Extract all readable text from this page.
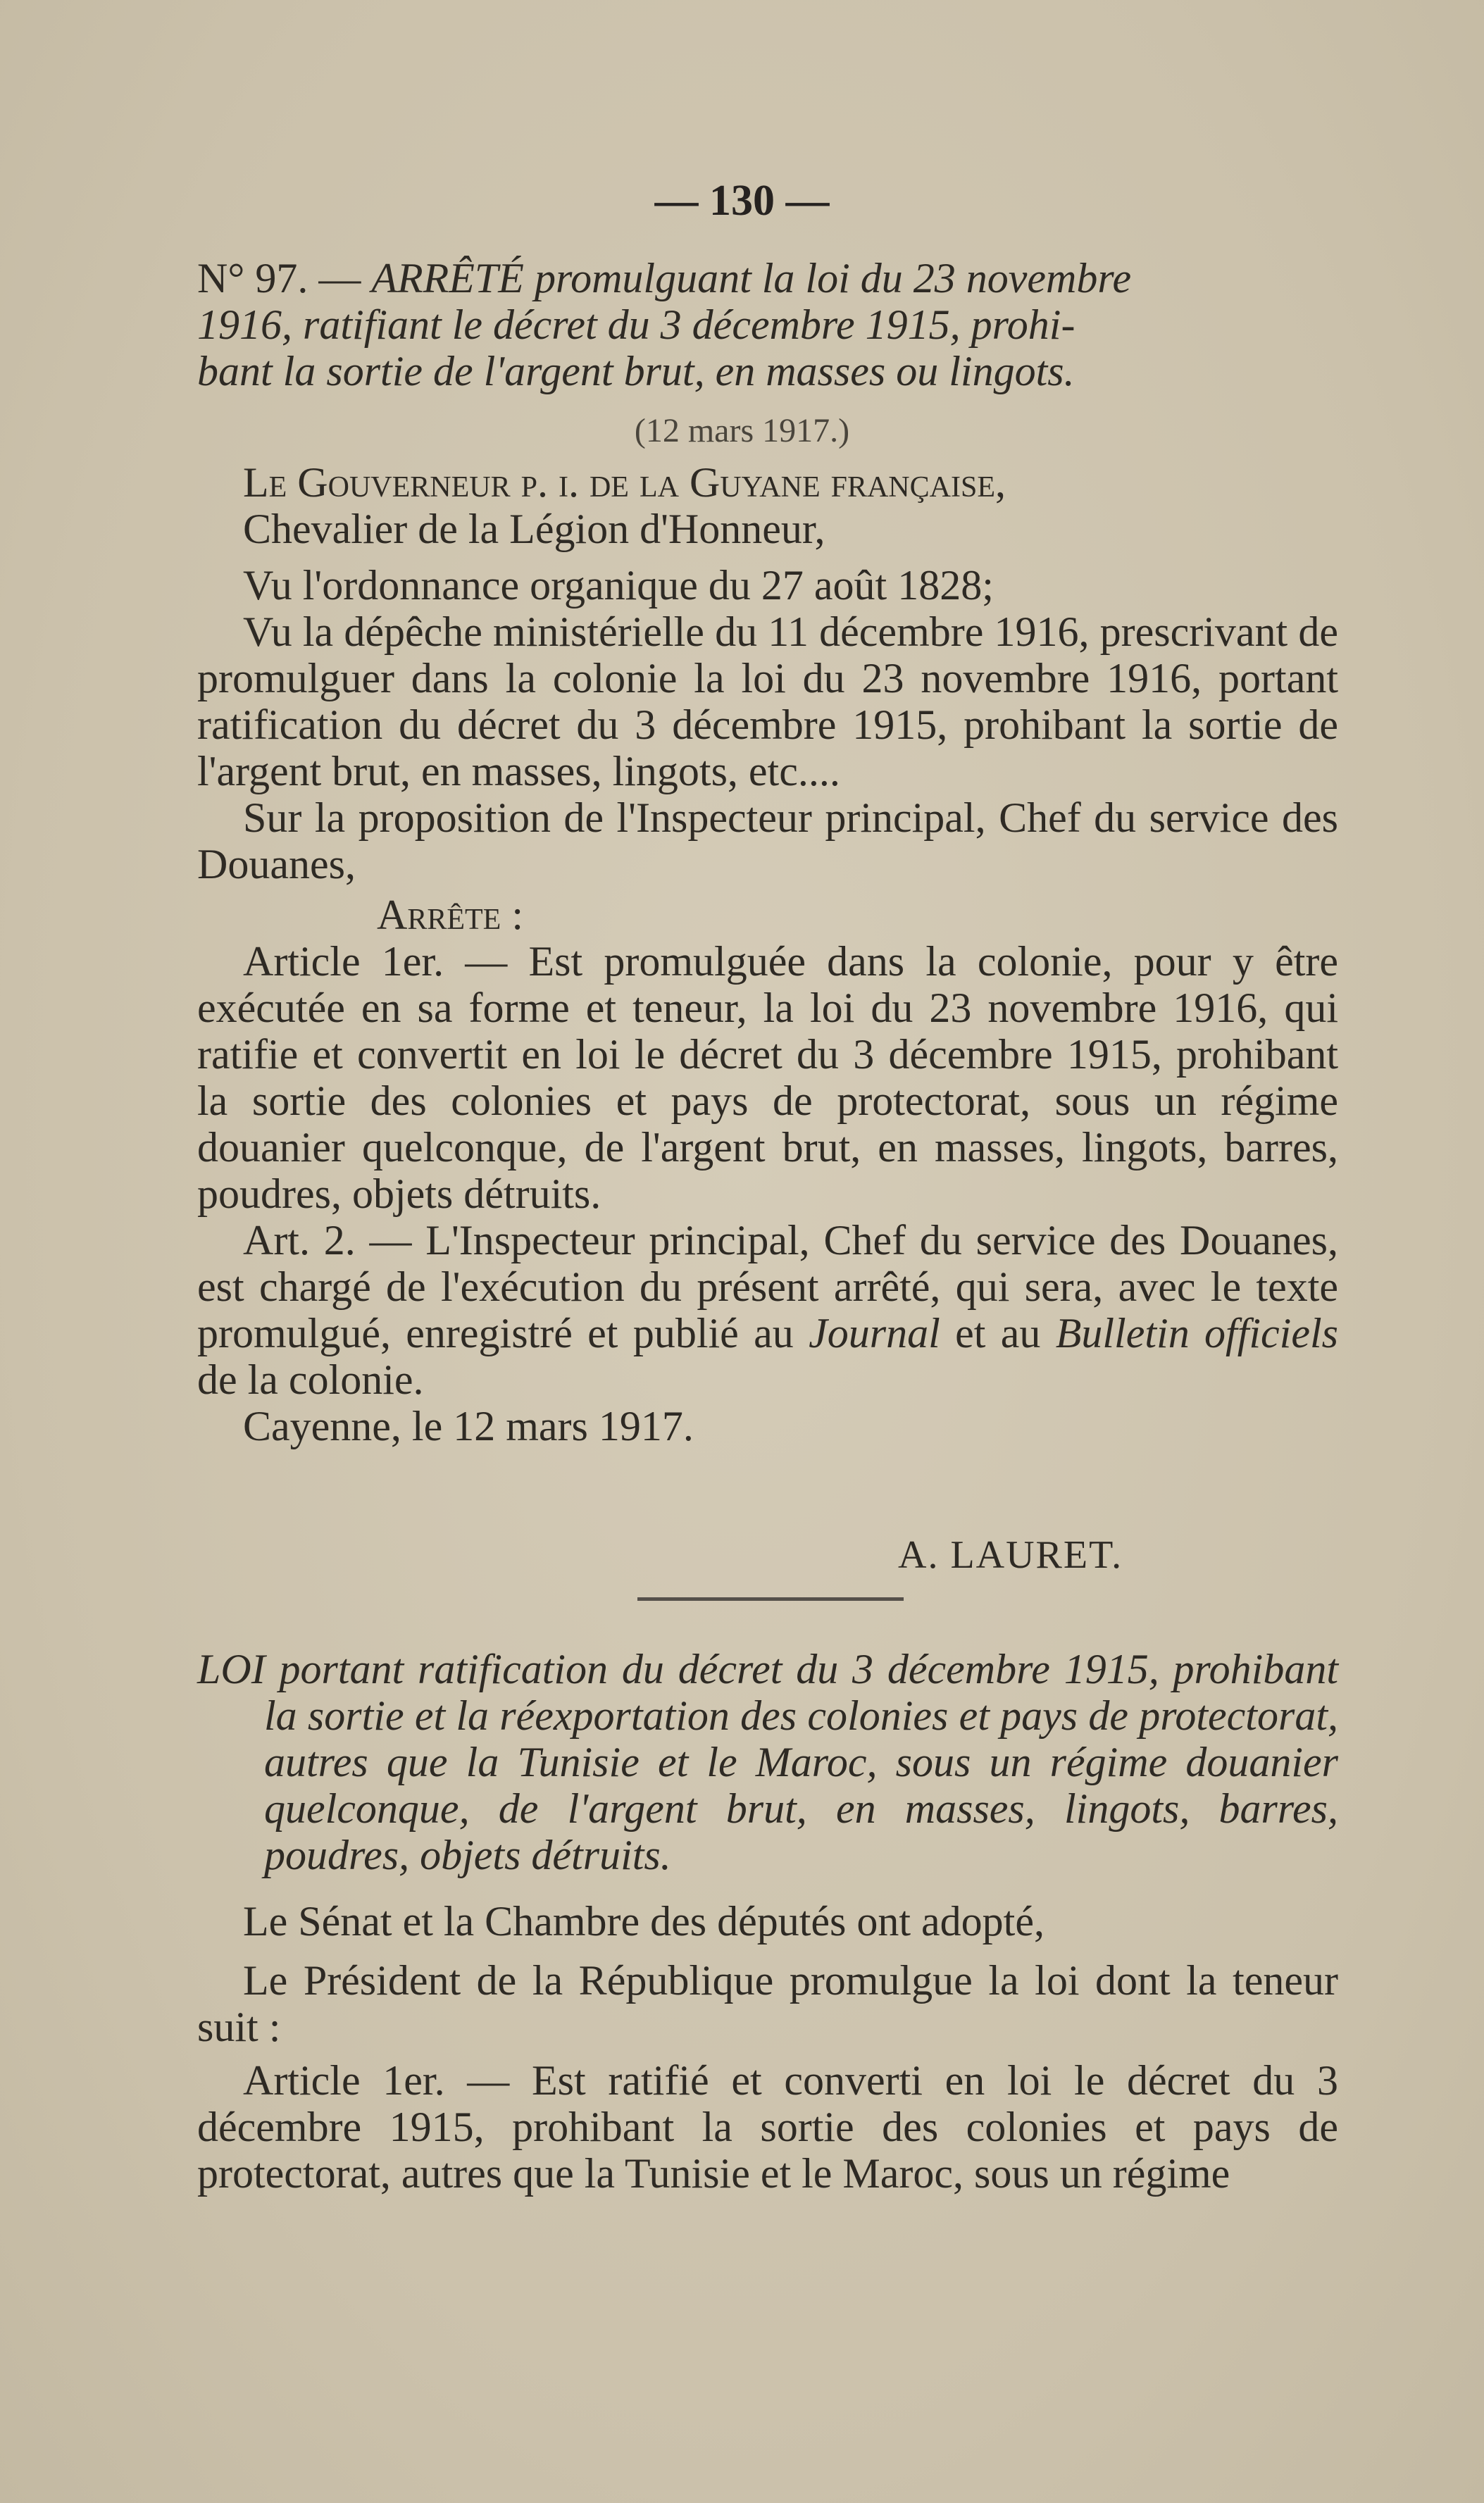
— 130 —

N° 97. — ARRÊTÉ promulguant la loi du 23 novembre

1916, ratifiant le décret du 3 décembre 1915, prohi-

bant la sortie de l'argent brut, en masses ou lingots.

(12 mars 1917.)

Le Gouverneur p. i. de la Guyane française,

Chevalier de la Légion d'Honneur,

Vu l'ordonnance organique du 27 août 1828;

Vu la dépêche ministérielle du 11 décembre 1916, prescrivant de promulguer dans la colonie la loi du 23 novembre 1916, portant ratification du décret du 3 décembre 1915, prohibant la sortie de l'argent brut, en masses, lingots, etc....

Sur la proposition de l'Inspecteur principal, Chef du service des Douanes,

Arrête :

Article 1er. — Est promulguée dans la colonie, pour y être exécutée en sa forme et teneur, la loi du 23 novembre 1916, qui ratifie et convertit en loi le décret du 3 décembre 1915, prohibant la sortie des colonies et pays de protectorat, sous un régime douanier quelconque, de l'argent brut, en masses, lingots, barres, poudres, objets détruits.

Art. 2. — L'Inspecteur principal, Chef du service des Douanes, est chargé de l'exécution du présent arrêté, qui sera, avec le texte promulgué, enregistré et publié au Journal et au Bulletin officiels de la colonie.

Cayenne, le 12 mars 1917.

A. LAURET.

LOI portant ratification du décret du 3 décembre 1915, prohibant la sortie et la réexportation des colonies et pays de protectorat, autres que la Tunisie et le Maroc, sous un régime douanier quelconque, de l'argent brut, en masses, lingots, barres, poudres, objets détruits.

Le Sénat et la Chambre des députés ont adopté,

Le Président de la République promulgue la loi dont la teneur suit :

Article 1er. — Est ratifié et converti en loi le décret du 3 décembre 1915, prohibant la sortie des colonies et pays de protectorat, autres que la Tunisie et le Maroc, sous un régime
